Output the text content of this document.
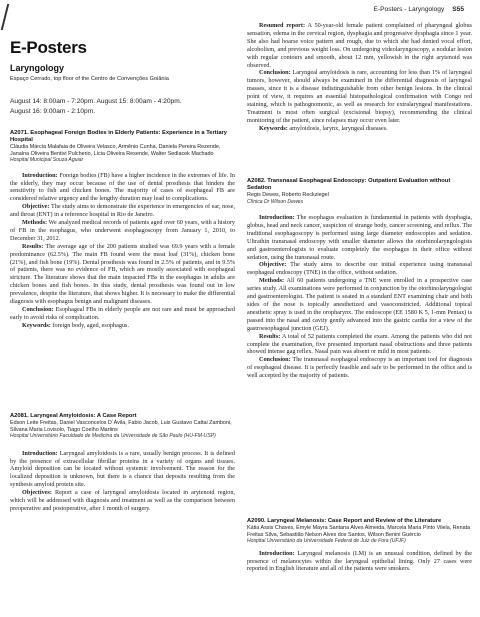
E-Posters - Laryngology S55
E-Posters
Laryngology
Espaço Cerrado, top floor of the Centro de Convenções Goiânia
August 14: 8:00am - 7:20pm. August 15: 8:00am - 4:20pm.
August 16: 9:00am - 2:10pm.
A2071. Esophageal Foreign Bodies in Elderly Patients: Experience in a Tertiary Hospital
Cláudia Márcia Malafaia de Oliveira Velasco, Armênio Cunha, Daniela Pereira Rezende, Janaína Oliveira Bentivi Pulcherio, Lícia Oliveira Resende, Walter Sedlacek Machado
Hospital Municipal Souza Aguiar

Introduction: Foreign bodies (FB) have a higher incidence in the extremes of life. In the elderly, they may occur because of the use of dental prosthesis that hinders the sensitivity to fish and chicken bones. The majority of cases of esophageal FB are considered relative urgency and the lengthy duration may lead to complications.

Objective: The study aims to demonstrate the experience in emergencies of ear, nose, and throat (ENT) in a reference hospital in Rio de Janeiro.

Methods: We analyzed medical records of patients aged over 60 years, with a history of FB in the esophagus, who underwent esophagoscopy from January 1, 2010, to December 31, 2012.

Results: The average age of the 200 patients studied was 69.9 years with a female predominance (62.5%). The main FB found were the meat loaf (31%), chicken bone (21%), and fish bone (19%). Dental prosthesis was found in 2.5% of patients, and in 9.5% of patients, there was no evidence of FB, which are mostly associated with esophageal stricture. The literature shows that the main impacted FBs in the esophagus in adults are chicken bones and fish bones. In this study, dental prosthesis was found out in low prevalence, despite the literature, that shows higher. It is necessary to make the differential diagnosis with esophagus benign and malignant diseases.

Conclusion: Esophageal FBs in elderly people are not rare and must be approached early to avoid risks of complication.

Keywords: foreign body, aged, esophagus.

A2081. Laryngeal Amyloidosis: A Case Report
Edson Leite Freitas, Daniel Vasconcelos D´Ávila, Fabio Jacob, Luis Gustavo Cattai Zamboni, Silvana Maria Lovisolo, Tiago Coelho Martins
Hospital Universitário Faculdade de Medicina da Universidade de São Paulo (HU-FM-USP)

Introduction: Laryngeal amyloidosis is a rare, usually benign process. It is defined by the presence of extracellular fibrillar proteins in a variety of organs and tissues. Amyloid deposition can be located without systemic involvement. The reason for the localized deposition is unknown, but there is a chance that deposits resulting from the synthesis amyloid protein site.

Objectives: Report a case of laryngeal amyloidosis located in arytenoid region, which will be addressed with diagnosis and treatment as well as the comparison between preoperative and postoperative, after 1 month of surgery.

Resumed report: A 50-year-old female patient complained of pharyngeal globus sensation, edema in the cervical region, dysphagia and progressive dysphagia since 1 year. She also had hoarse voice pattern and rough, due to which she had denied vocal effort, alcoholism, and previous weight loss. On undergoing videolaryngoscopy, a nodular lesion with regular contours and smooth, about 12 mm, yellowish in the right arytenoid was observed.

Conclusion: Laryngeal amyloidosis is rare, accounting for less than 1% of laryngeal tumors, however, should always be examined in the differential diagnosis of laryngeal masses, since it is a disease indistinguishable from other benign lesions. In the clinical point of view, it requires an essential histopathological confirmation with Congo red staining, which is pathognomonic, as well as research for extralaryngeal manifestations. Treatment is most often surgical (excisional biopsy), recommending the clinical monitoring of the patient, since relapses may occur even later.

Keywords: amyloidosis, larynx, laryngeal diseases.

A2082. Transnasal Esophageal Endoscopy: Outpatient Evaluation without Sedation
Regis Dewes, Roberto Reckziegel
Clínica Dr Wilson Dewes

Introduction: The esophagus evaluation is fundamental in patients with dysphagia, globus, head and neck cancer, suspicion of strange body, cancer screening, and reflux. The traditional esophagoscopy is performed using large diameter endoscopies and sedation. Ultrathin transnasal endoscopy with smaller diameter allows the otorhinolaryngologists and gastroenterologists to evaluate completely the esophagus in their office without sedation, using the transnasal route.

Objective: The study aims to describe our initial experience using transnasal esophageal endoscopy (TNE) in the office, without sedation.

Methods: All 60 patients undergoing a TNE were enrolled in a prospective case series study. All examinations were performed in conjunction by the otorhinolaryngologist and gastroenterologist. The patient is seated in a standard ENT examining chair and both sides of the nose is topically anesthetized and vasoconstricted. Additional topical anesthetic spray is used in the oropharynx. The endoscope (EE 1580 K 5, 1-mm Pentax) is passed into the nasal and cavity gently advanced into the gastric cardia for a view of the gastroesophageal junction (GEJ).

Results: A total of 52 patients completed the exam. Among the patients who did not complete the examination, five presented important nasal obstructions and three patients showed intense gag reflex. Nasal pain was absent or mild in most patients.

Conclusion: The transnasal esophageal endoscopy is an important tool for diagnosis of esophageal disease. It is perfectly feasible and safe to be performed in the office and is well accepted by the majority of patients.

A2090. Laryngeal Melanosis: Case Report and Review of the Literature
Kátia Assis Chaves, Emyle Mayra Santana Alves Almeida, Marcela Maria Pinto Vilela, Renata Freitas Silva, Sebastião Nelson Alves dos Santos, Wilson Benini Guércio
Hospital Universitário da Universidade Federal de Juiz de Fora (UFJF)

Introduction: Laryngeal melanosis (LM) is an unusual condition, defined by the presence of melanocytes within the laryngeal epithelial lining. Only 27 cases were reported in English literature and all of the patients were smokers.
